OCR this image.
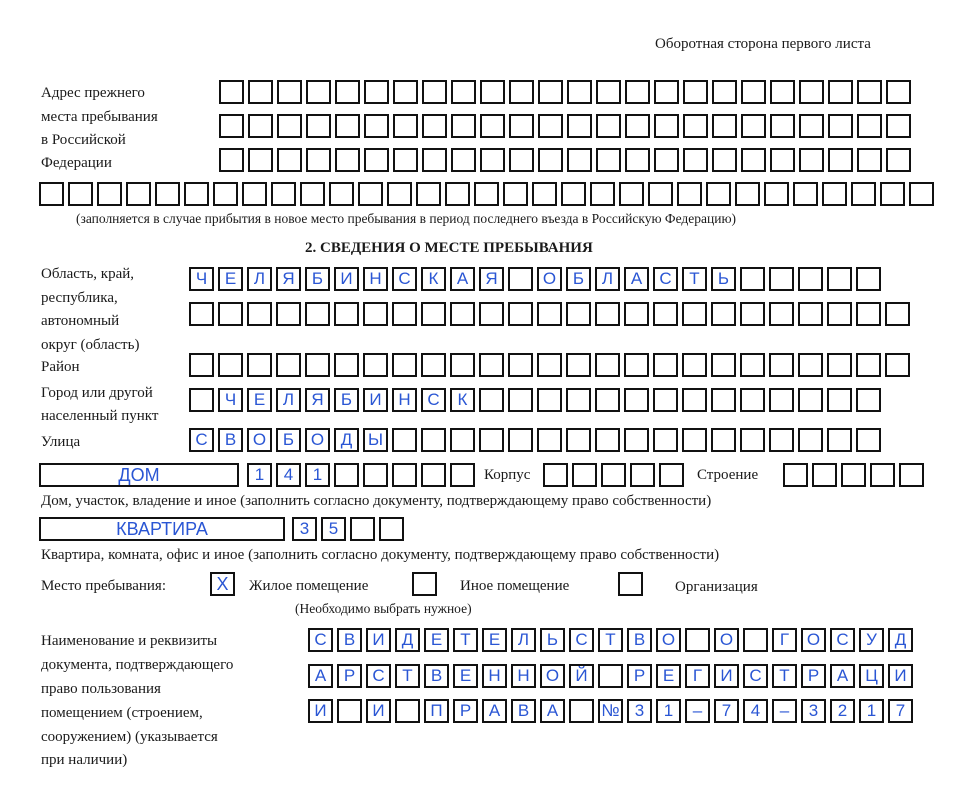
Оборотная сторона первого листа
Адрес прежнего
места пребывания
в Российской
Федерации
(заполняется в случае прибытия в новое место пребывания в период последнего въезда в Российскую Федерацию)
2. СВЕДЕНИЯ О МЕСТЕ ПРЕБЫВАНИЯ
Область, край,
республика,
автономный
округ (область)
Ч	Е	Л	Я	Б	И Н С	К	А	Я	О Б	Л	А	С	Т	Ь
Район
Город или другой
населенный пункт
Ч	Е	Л	Я	Б	И Н С	К
Улица	С	В О Б О Д Ы
ДОМ	1	4	1	Корпус	Строение
Дом, участок, владение и иное (заполнить согласно документу, подтверждающему право собственности)
КВАРТИРА	3	5
Квартира, комната, офис и иное (заполнить согласно документу, подтверждающему право собственности)
Место пребывания:	Х	Жилое помещение	Иное помещение	Организация
(Необходимо выбрать нужное)
Наименование и реквизиты
документа, подтверждающего
право пользования
помещением (строением,
сооружением) (указывается
при наличии)
С	В	И	Д	Е	Т	Е	Л	Ь	С	Т	В О	О	Г	О С	У	Д
А	Р	С	Т	В	Е	Н Н О Й	Р	Е	Г	И С	Т	Р	А	Ц И
И	И	П	Р	А	В	А	№ 3	1	–	7	4	–	3	2	1	7
